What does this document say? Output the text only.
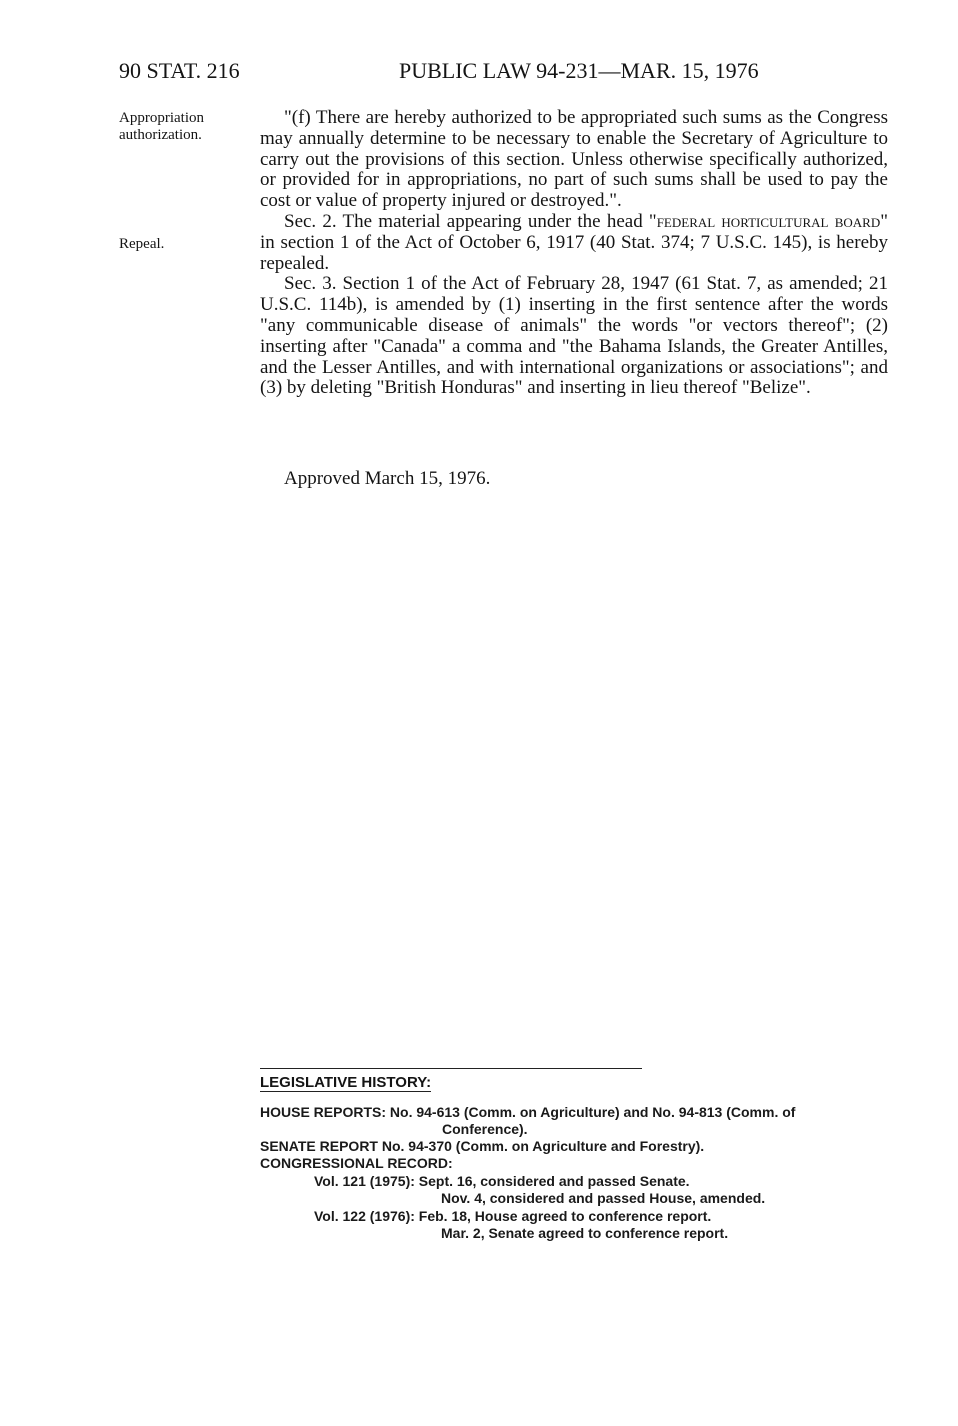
90 STAT. 216	PUBLIC LAW 94-231—MAR. 15, 1976
Appropriation authorization.
Repeal.

"(f) There are hereby authorized to be appropriated such sums as the Congress may annually determine to be necessary to enable the Secretary of Agriculture to carry out the provisions of this section. Unless otherwise specifically authorized, or provided for in appropriations, no part of such sums shall be used to pay the cost or value of property injured or destroyed.".

Sec. 2. The material appearing under the head "federal horticultural board" in section 1 of the Act of October 6, 1917 (40 Stat. 374; 7 U.S.C. 145), is hereby repealed.

Sec. 3. Section 1 of the Act of February 28, 1947 (61 Stat. 7, as amended; 21 U.S.C. 114b), is amended by (1) inserting in the first sentence after the words "any communicable disease of animals" the words "or vectors thereof"; (2) inserting after "Canada" a comma and "the Bahama Islands, the Greater Antilles, and the Lesser Antilles, and with international organizations or associations"; and (3) by deleting "British Honduras" and inserting in lieu thereof "Belize".

Approved March 15, 1976.
LEGISLATIVE HISTORY:
HOUSE REPORTS: No. 94-613 (Comm. on Agriculture) and No. 94-813 (Comm. of
Conference).
SENATE REPORT No. 94-370 (Comm. on Agriculture and Forestry).
CONGRESSIONAL RECORD:
Vol. 121 (1975): Sept. 16, considered and passed Senate.
Nov. 4, considered and passed House, amended.
Vol. 122 (1976): Feb. 18, House agreed to conference report.
Mar. 2, Senate agreed to conference report.
